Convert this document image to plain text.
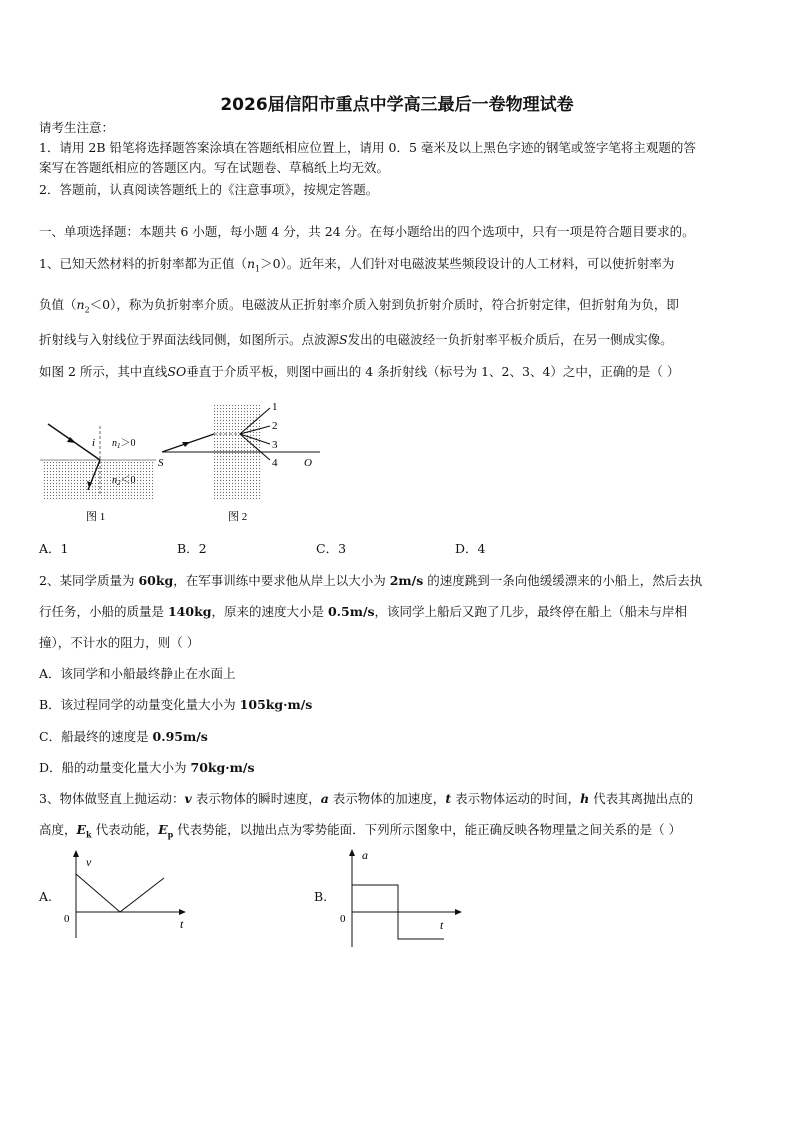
2026届信阳市重点中学高三最后一卷物理试卷
请考生注意：
1．请用 2B 铅笔将选择题答案涂填在答题纸相应位置上，请用 0．5 毫米及以上黑色字迹的钢笔或签字笔将主观题的答
案写在答题纸相应的答题区内。写在试题卷、草稿纸上均无效。
2．答题前，认真阅读答题纸上的《注意事项》，按规定答题。
一、单项选择题：本题共 6 小题，每小题 4 分，共 24 分。在每小题给出的四个选项中，只有一项是符合题目要求的。
1、已知天然材料的折射率都为正值$(n_1>0)$。近年来，人们针对电磁波某些频段设计的人工材料，可以使折射率为
负值$(n_2<0)$，称为负折射率介质。电磁波从正折射率介质入射到负折射介质时，符合折射定律，但折射角为负，即
折射线与入射线位于界面法线同侧，如图所示。点波源S发出的电磁波经一负折射率平板介质后，在另一侧成实像。
如图 2 所示，其中直线SO垂直于介质平板，则图中画出的 4 条折射线（标号为 1、2、3、4）之中，正确的是（ ）
i $n_1>0$
$n_2<0$
图 1
1
2
3
4
S	O
图 2
A．1	B．2	C．3	D．4
2、某同学质量为 60kg，在军事训练中要求他从岸上以大小为 2m/s 的速度跳到一条向他缓缓漂来的小船上，然后去执
行任务，小船的质量是 140kg，原来的速度大小是 0.5m/s，该同学上船后又跑了几步，最终停在船上（船未与岸相
撞），不计水的阻力，则（ ）
A．该同学和小船最终静止在水面上
B．该过程同学的动量变化量大小为 105kg·m/s
C．船最终的速度是 0.95m/s
D．船的动量变化量大小为 70kg·m/s
3、物体做竖直上抛运动：v 表示物体的瞬时速度，a 表示物体的加速度，t 表示物体运动的时间，h 代表其离抛出点的
高度，$E_k$ 代表动能，$E_p$ 代表势能，以抛出点为零势能面．下列所示图象中，能正确反映各物理量之间关系的是（ ）
A.
v
t
0
B.
a
t
0
